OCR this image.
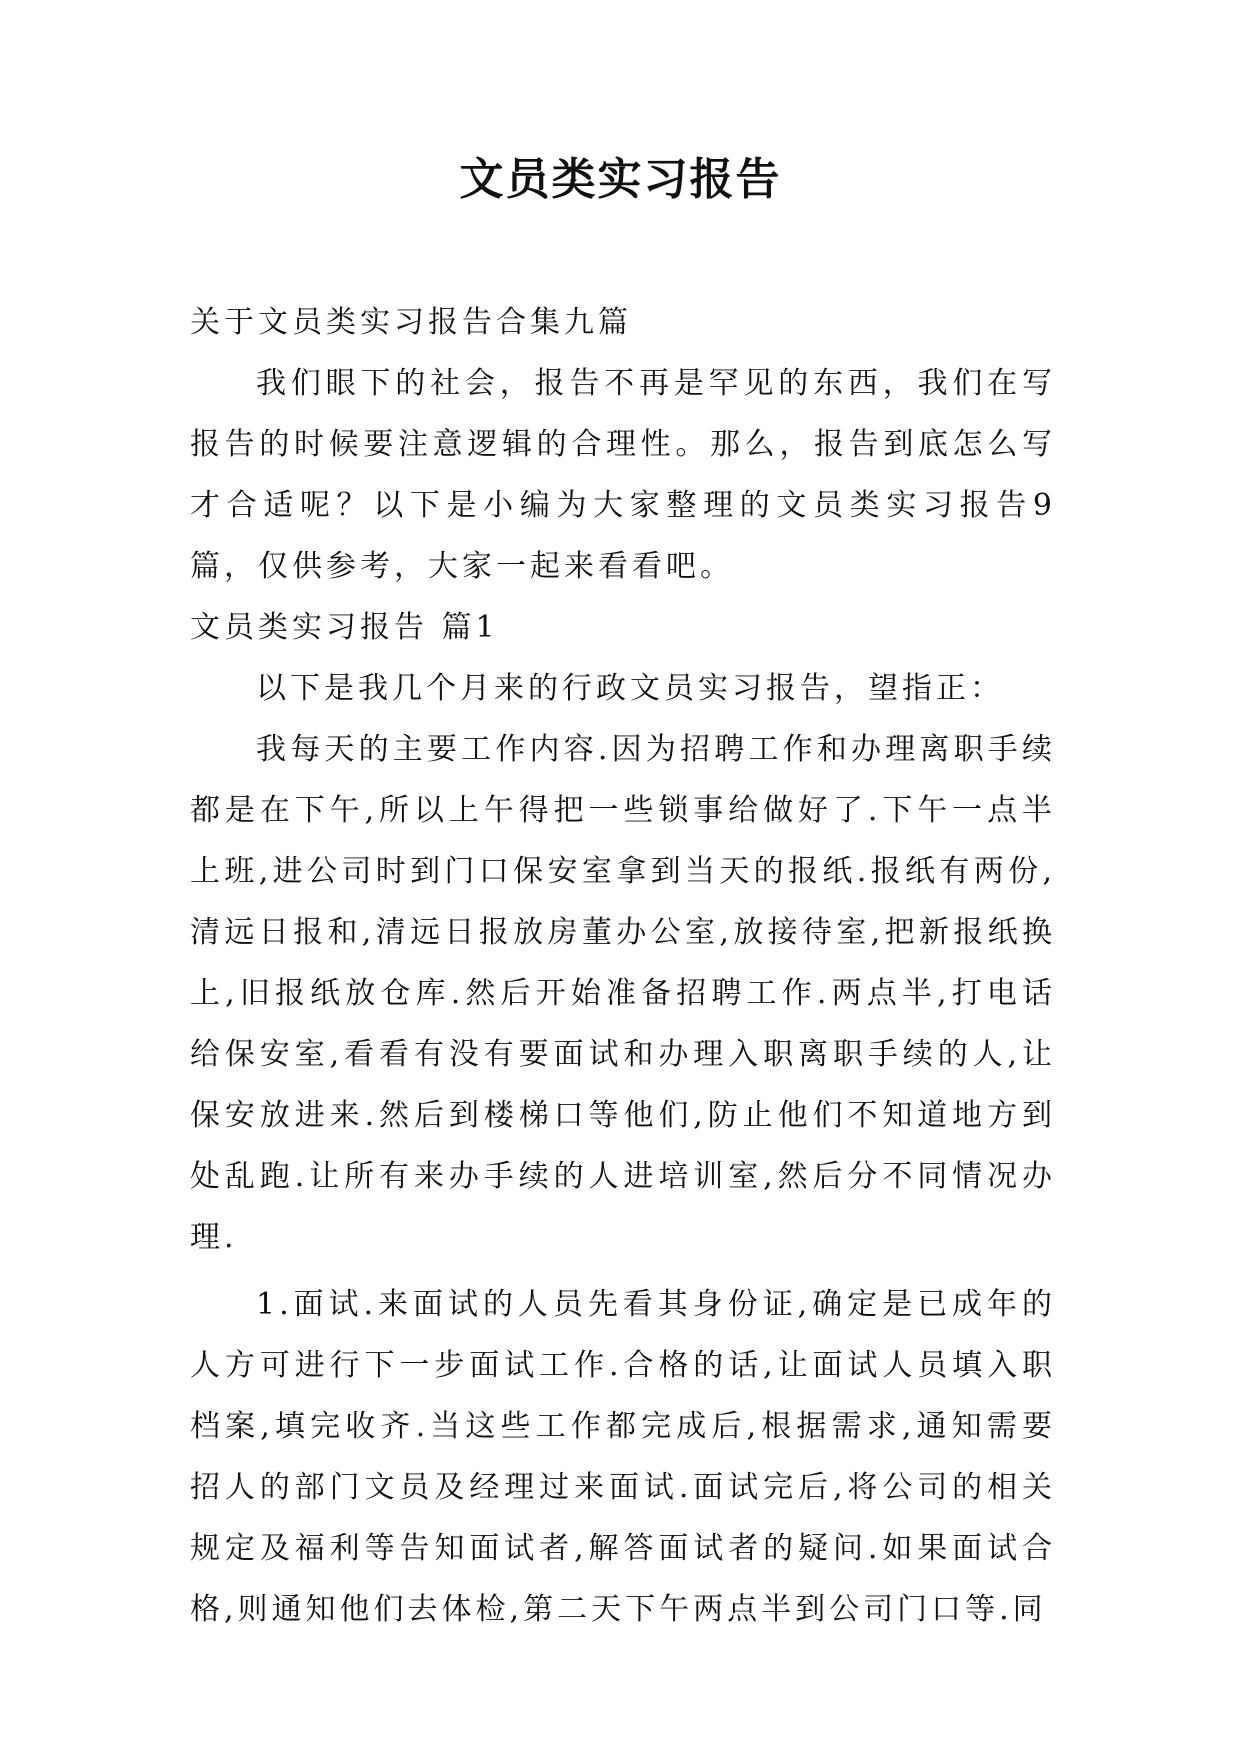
文员类实习报告

关于文员类实习报告合集九篇

我们眼下的社会，报告不再是罕见的东西，我们在写报告的时候要注意逻辑的合理性。那么，报告到底怎么写才合适呢？以下是小编为大家整理的文员类实习报告9篇，仅供参考，大家一起来看看吧。

文员类实习报告 篇1

以下是我几个月来的行政文员实习报告，望指正：

我每天的主要工作内容.因为招聘工作和办理离职手续都是在下午,所以上午得把一些锁事给做好了.下午一点半上班,进公司时到门口保安室拿到当天的报纸.报纸有两份,清远日报和,清远日报放房董办公室,放接待室,把新报纸换上,旧报纸放仓库.然后开始准备招聘工作.两点半,打电话给保安室,看看有没有要面试和办理入职离职手续的人,让保安放进来.然后到楼梯口等他们,防止他们不知道地方到处乱跑.让所有来办手续的人进培训室,然后分不同情况办理.

1.面试.来面试的人员先看其身份证,确定是已成年的人方可进行下一步面试工作.合格的话,让面试人员填入职档案,填完收齐.当这些工作都完成后,根据需求,通知需要招人的部门文员及经理过来面试.面试完后,将公司的相关规定及福利等告知面试者,解答面试者的疑问.如果面试合格,则通知他们去体检,第二天下午两点半到公司门口等.同
